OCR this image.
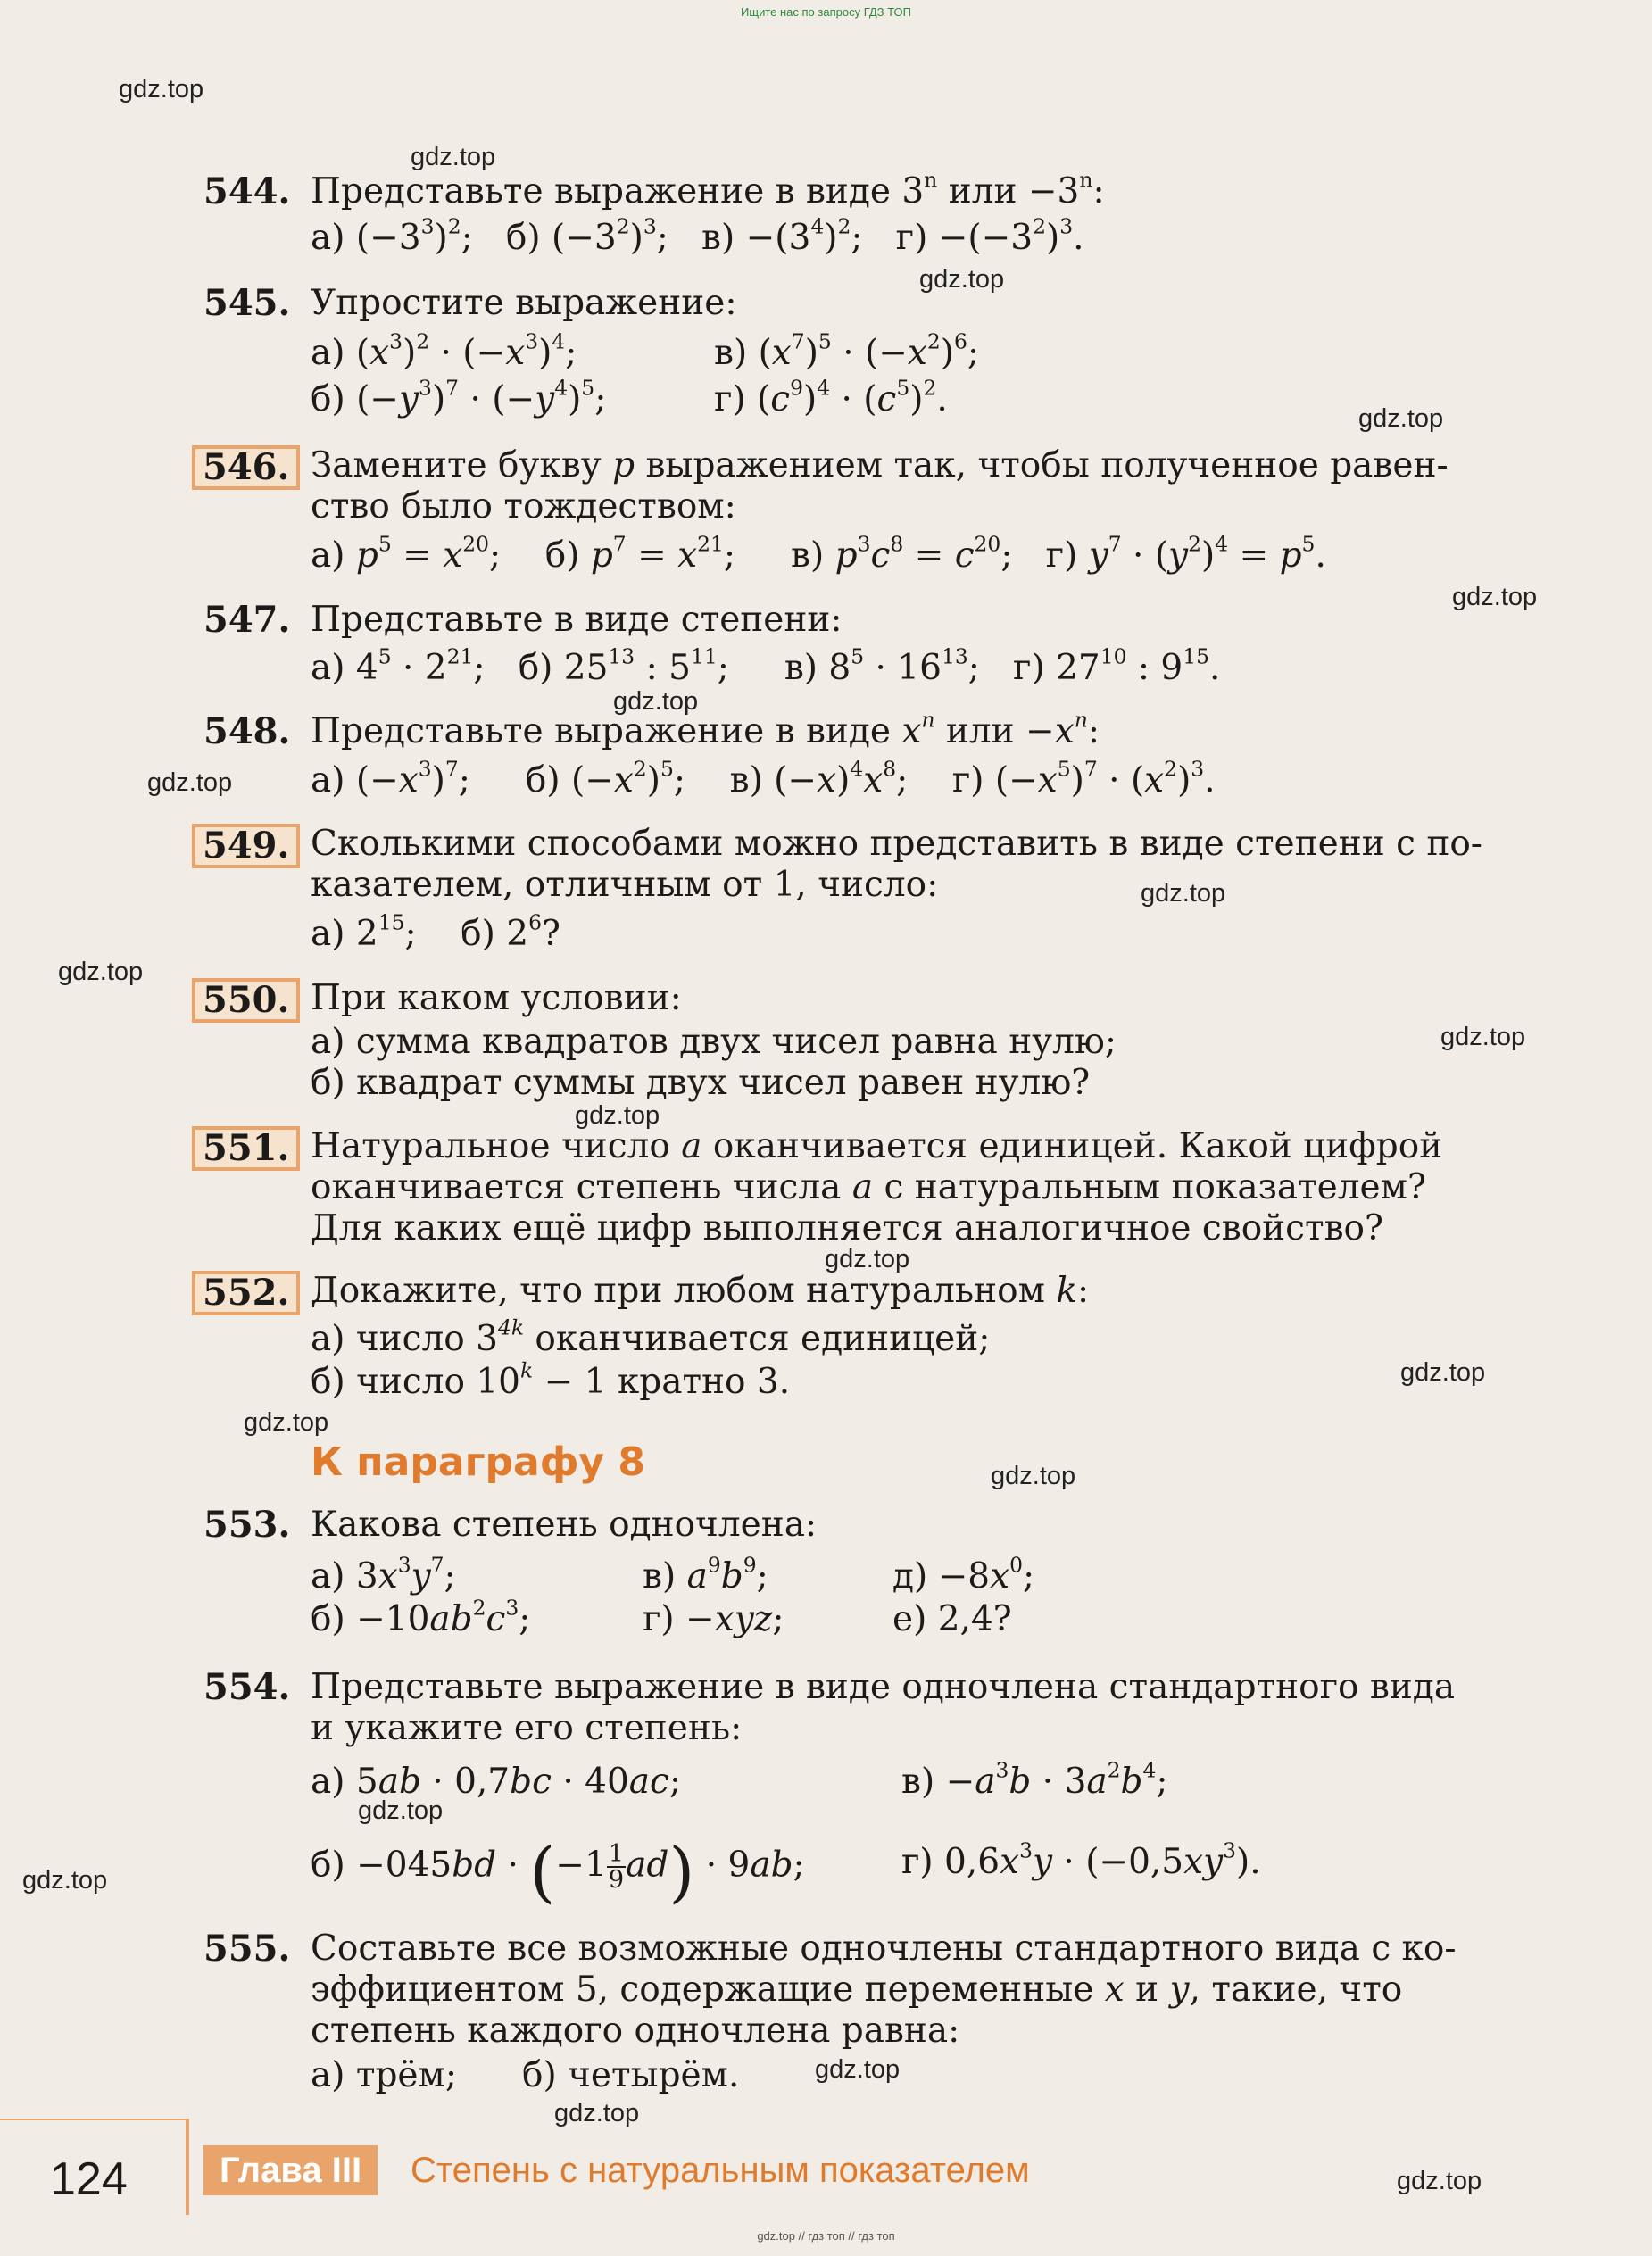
Ищите нас по запросу ГДЗ ТОП
gdz.top
gdz.top
gdz.top
gdz.top
gdz.top
gdz.top
gdz.top
gdz.top
gdz.top
gdz.top
gdz.top
gdz.top
gdz.top
gdz.top
gdz.top
gdz.top
gdz.top
gdz.top
gdz.top
gdz.top
544. Представьте выражение в виде 3$^n$ или $-3^n$:
а) $(-3^3)^2$;   б) $(-3^2)^3$;   $в) -(3^4)^2$;   $г) -(-3^2)^3$.
545. Упростите выражение:
а) $(x^3)^2 \cdot (-x^3)^4$;	в) $(x^7)^5 \cdot (-x^2)^6$;
б) $(-y^3)^7 \cdot (-y^4)^5$;	г) $(c^9)^4 \cdot (c^5)^2$.
546. Замените букву p выражением так, чтобы полученное равен-
ство было тождеством:
а) $p^5 = x^{20}$;    б) $p^7 = x^{21}$;     в) $p^3c^8 = c^{20}$;   г) $y^7 \cdot (y^2)^4 = p^5$.
547. Представьте в виде степени:
а) $4^5 \cdot 2^{21}$;   б) $25^{13}$ : $5^{11}$;     в) $8^5 \cdot 16^{13}$;   г) $27^{10}$ : $9^{15}$.
548. Представьте выражение в виде $x^n$ или $-x^n$:
а) $(-x^3)^7$;     б) $(-x^2)^5$;    в) $(-x)^4x^8$;    г) $(-x^5)^7 \cdot (x^2)^3$.
549. Сколькими способами можно представить в виде степени с по-
казателем, отличным от 1, число:
а) $2^{15}$;    б) $2^6$?
550. При каком условии:
а) сумма квадратов двух чисел равна нулю;
б) квадрат суммы двух чисел равен нулю?
551. Натуральное число a оканчивается единицей. Какой цифрой
оканчивается степень числа a с натуральным показателем?
Для каких ещё цифр выполняется аналогичное свойство?
552. Докажите, что при любом натуральном k:
а) число $3^{4k}$ оканчивается единицей;
б) число $10^k - 1$ кратно 3.
К параграфу 8
553. Какова степень одночлена:
а) $3x^3y^7$;	в) $a^9b^9$;	$д) -8x^0$;
$б) -10ab^2c^3$;	г) −xyz;	е) 2,4?
554. Представьте выражение в виде одночлена стандартного вида
и укажите его степень:
а) 5ab · 0,7bc · 40ac;	$в) -a^3b \cdot 3a^2b^4$;
$б) -045bd \cdot (-1 \frac{1}{9} ad) \cdot 9ab$;	г) $0,6x^3y \cdot (-0,5xy^3)$.
555. Составьте все возможные одночлены стандартного вида с ко-
эффициентом 5, содержащие переменные x и y, такие, что
степень каждого одночлена равна:
а) трём; б) четырём.
124	Глава III	Степень с натуральным показателем
gdz.top // гдз топ // гдз топ
